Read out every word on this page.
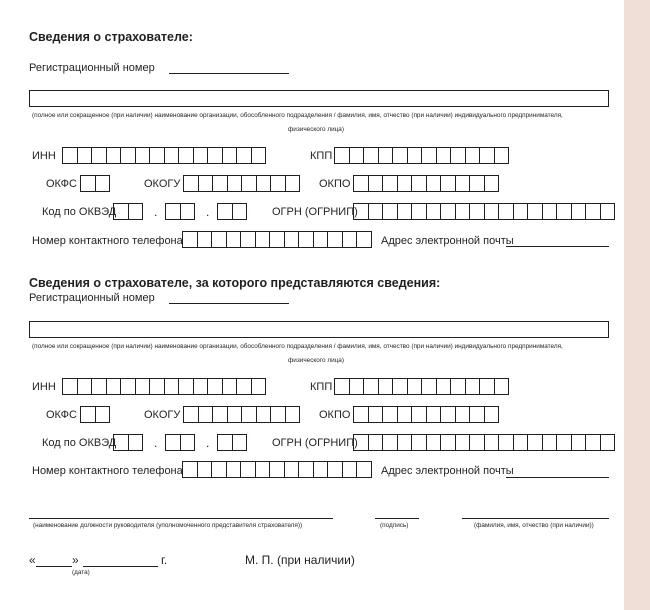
Сведения о страхователе:
Регистрационный номер
(полное или сокращенное (при наличии) наименование организации, обособленного подразделения / фамилия, имя, отчество (при наличии) индивидуального предпринимателя,
физического лица)
ИНН	КПП
ОКФС	ОКОГУ	ОКПО
Код по ОКВЭД	.	.	ОГРН (ОГРНИП)
Номер контактного телефона	Адрес электронной почты
Сведения о страхователе, за которого представляются сведения:
Регистрационный номер
(полное или сокращенное (при наличии) наименование организации, обособленного подразделения / фамилия, имя, отчество (при наличии) индивидуального предпринимателя,
физического лица)
ИНН	КПП
ОКФС	ОКОГУ	ОКПО
Код по ОКВЭД	.	.	ОГРН (ОГРНИП)
Номер контактного телефона	Адрес электронной почты
(наименование должности руководителя (уполномоченного представителя страхователя))	(подпись)	(фамилия, имя, отчество (при наличии))
«	»	г.
(дата)
М. П. (при наличии)
